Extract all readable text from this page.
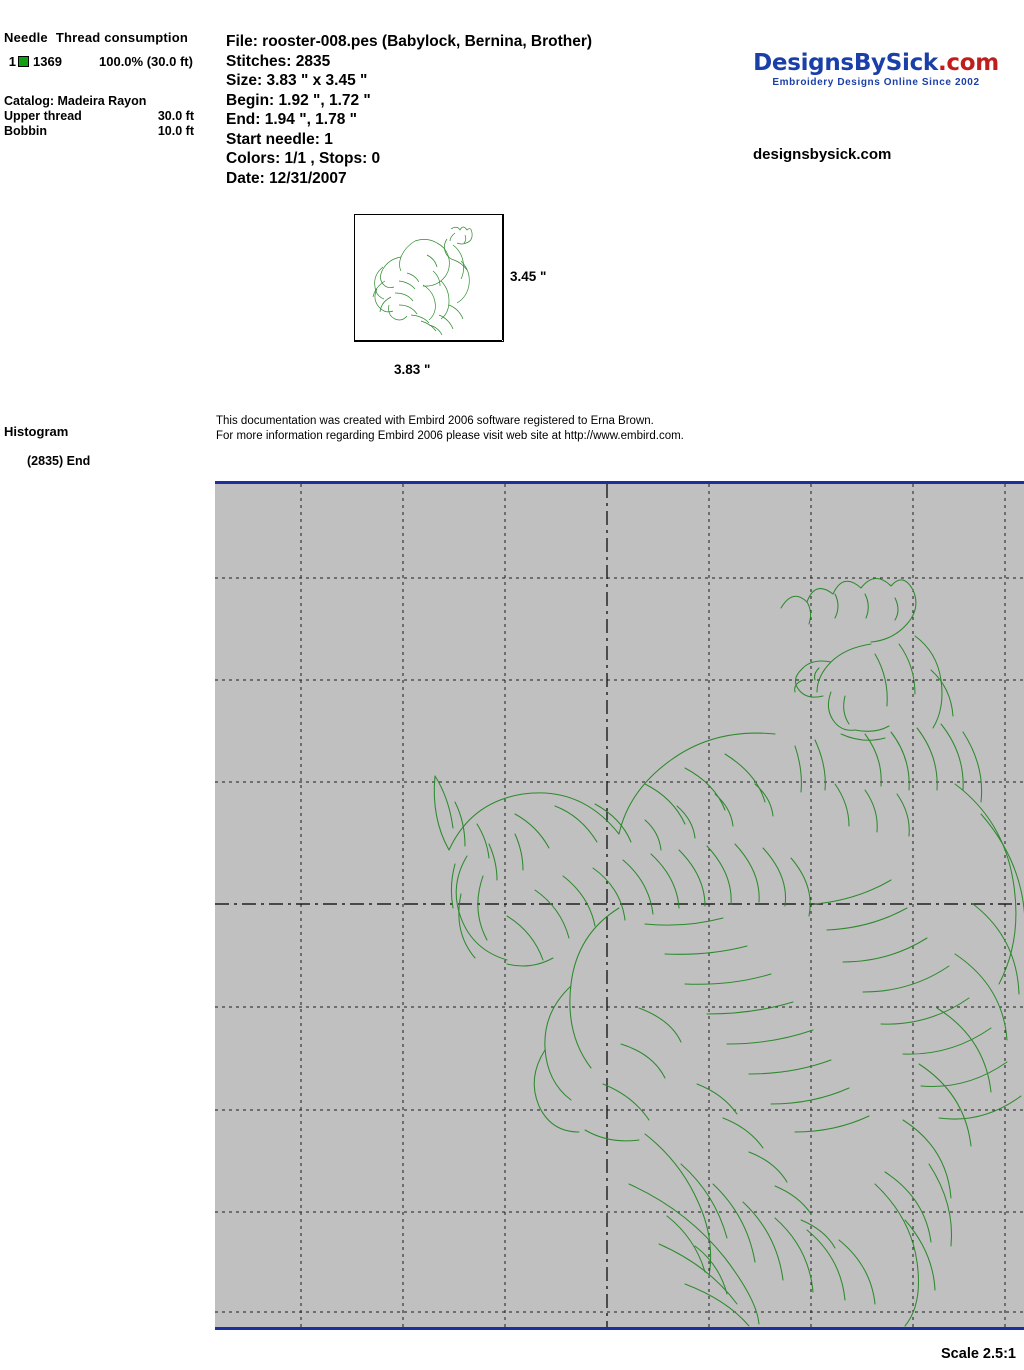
Needle Thread consumption
1 1369	100.0% (30.0 ft)
Catalog: Madeira Rayon
Upper thread	30.0 ft
Bobbin	10.0 ft
File: rooster-008.pes (Babylock, Bernina, Brother)
Stitches: 2835
Size: 3.83 " x 3.45 "
Begin: 1.92 ", 1.72 "
End: 1.94 ", 1.78 "
Start needle: 1
Colors: 1/1 , Stops: 0
Date: 12/31/2007
DesignsBySick.com
Embroidery Designs Online Since 2002
designsbysick.com
3.45 "
3.83 "
This documentation was created with Embird 2006 software registered to Erna Brown.
For more information regarding Embird 2006 please visit web site at http://www.embird.com.
Histogram
(2835) End
Scale 2.5:1
